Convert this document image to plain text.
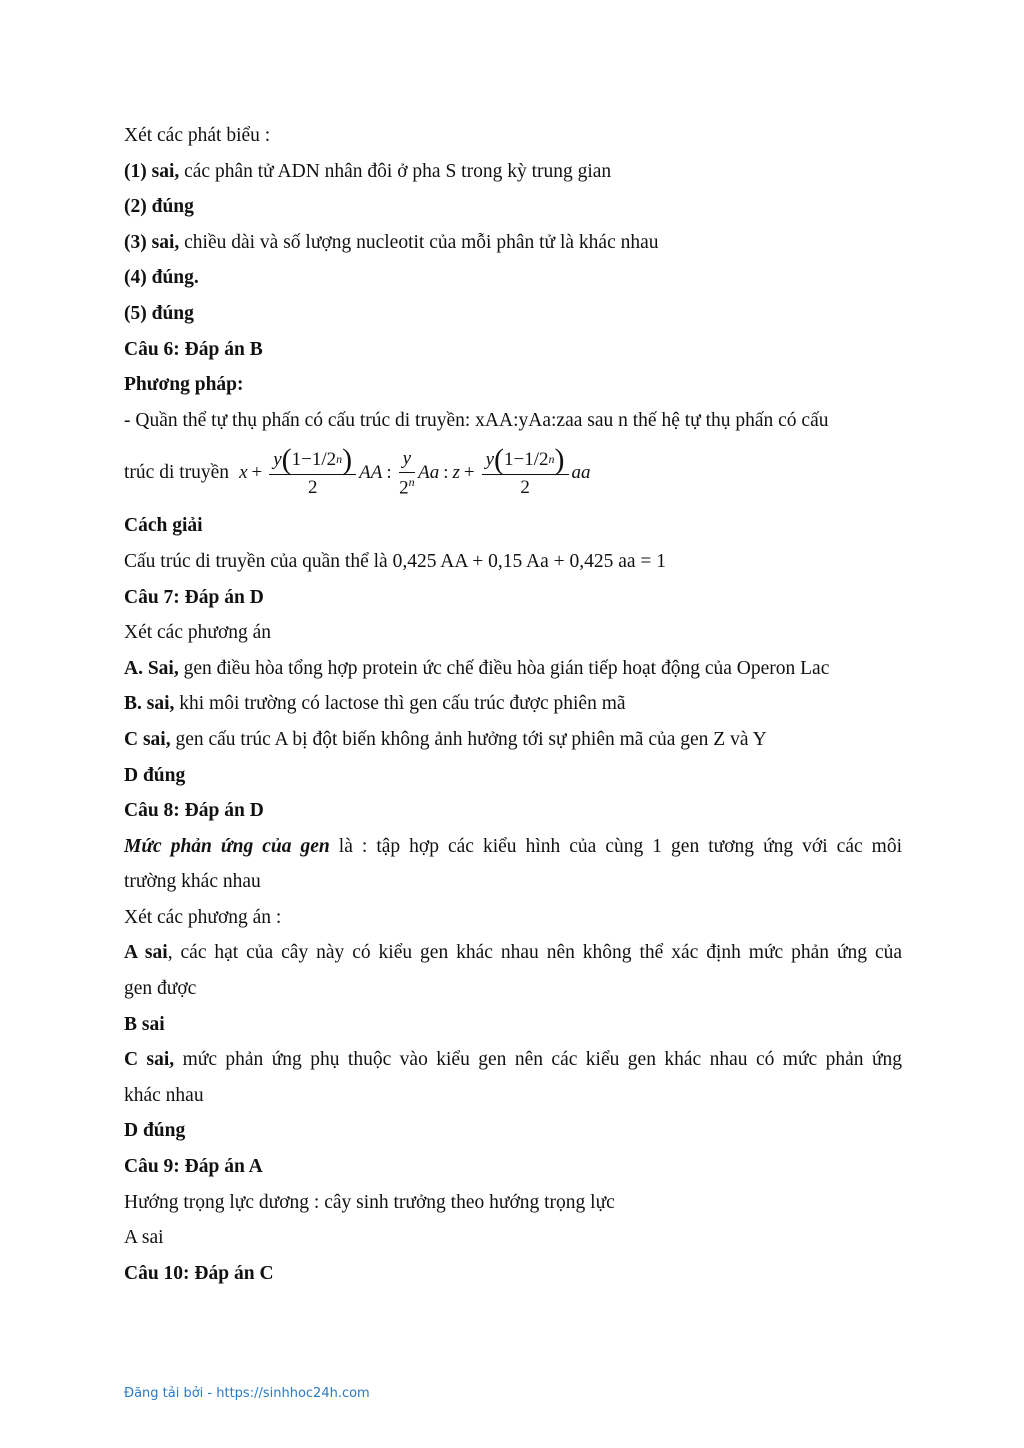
Xét các phát biểu :
(1) sai, các phân tử ADN nhân đôi ở pha S trong kỳ trung gian
(2) đúng
(3) sai, chiều dài và số lượng nucleotit của mỗi phân tử là khác nhau
(4) đúng.
(5) đúng
Câu 6: Đáp án B
Phương pháp:
- Quần thể tự thụ phấn có cấu trúc di truyền: xAA:yAa:zaa sau n thế hệ tự thụ phấn có cấu
trúc di truyền $x + \frac{y ( 1-1/2 n )}{2}$ AA : $\frac{y}{2^n}$ Aa : $z + \frac{y ( 1-1/2 n )}{2}$ aa
Cách giải
Cấu trúc di truyền của quần thể là 0,425 AA + 0,15 Aa + 0,425 aa = 1
Câu 7: Đáp án D
Xét các phương án
A. Sai, gen điều hòa tổng hợp protein ức chế điều hòa gián tiếp hoạt động của Operon Lac
B. sai, khi môi trường có lactose thì gen cấu trúc được phiên mã
C sai, gen cấu trúc A bị đột biến không ảnh hưởng tới sự phiên mã của gen Z và Y
D đúng
Câu 8: Đáp án D
Mức phản ứng của gen là : tập hợp các kiểu hình của cùng 1 gen tương ứng với các môi
trường khác nhau
Xét các phương án :
A sai, các hạt của cây này có kiểu gen khác nhau nên không thể xác định mức phản ứng của
gen được
B sai
C sai, mức phản ứng phụ thuộc vào kiểu gen nên các kiểu gen khác nhau có mức phản ứng
khác nhau
D đúng
Câu 9: Đáp án A
Hướng trọng lực dương : cây sinh trưởng theo hướng trọng lực
A sai
Câu 10: Đáp án C
Đăng tải bởi - https://sinhhoc24h.com
